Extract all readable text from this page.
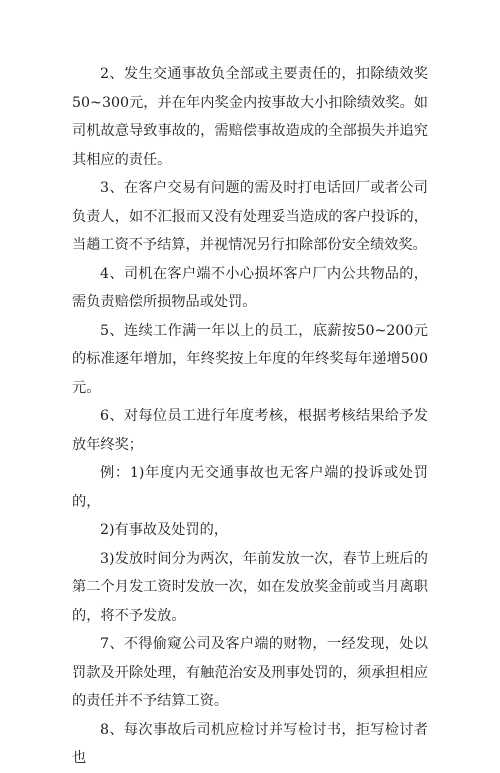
2、发生交通事故负全部或主要责任的，扣除绩效奖50~300元，并在年内奖金内按事故大小扣除绩效奖。如司机故意导致事故的，需赔偿事故造成的全部损失并追究其相应的责任。

3、在客户交易有问题的需及时打电话回厂或者公司负责人，如不汇报而又没有处理妥当造成的客户投诉的，当趟工资不予结算，并视情况另行扣除部份安全绩效奖。

4、司机在客户端不小心损坏客户厂内公共物品的，需负责赔偿所损物品或处罚。

5、连续工作满一年以上的员工，底薪按50~200元的标准逐年增加，年终奖按上年度的年终奖每年递增500元。

6、对每位员工进行年度考核，根据考核结果给予发放年终奖；

例：1)年度内无交通事故也无客户端的投诉或处罚的，

2)有事故及处罚的，

3)发放时间分为两次，年前发放一次，春节上班后的第二个月发工资时发放一次，如在发放奖金前或当月离职的，将不予发放。

7、不得偷窥公司及客户端的财物，一经发现，处以罚款及开除处理，有触范治安及刑事处罚的，须承担相应的责任并不予结算工资。

8、每次事故后司机应检讨并写检讨书，拒写检讨者也
